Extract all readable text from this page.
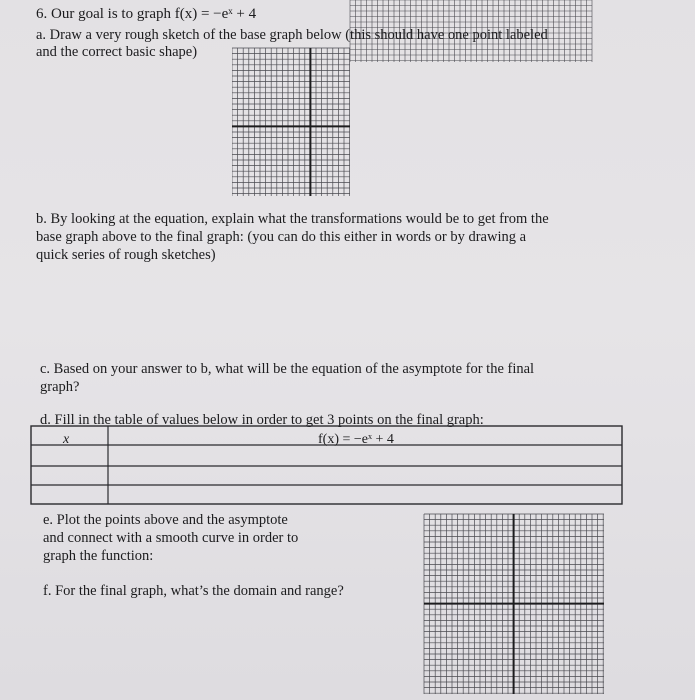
6. Our goal is to graph f(x) = −eˣ + 4
a. Draw a very rough sketch of the base graph below (this should have one point labeled
and the correct basic shape)
b. By looking at the equation, explain what the transformations would be to get from the
base graph above to the final graph: (you can do this either in words or by drawing a
quick series of rough sketches)
c. Based on your answer to b, what will be the equation of the asymptote for the final
graph?
d. Fill in the table of values below in order to get 3 points on the final graph:
x	f(x) = −eˣ + 4
e. Plot the points above and the asymptote
and connect with a smooth curve in order to
graph the function:
f. For the final graph, what’s the domain and range?
